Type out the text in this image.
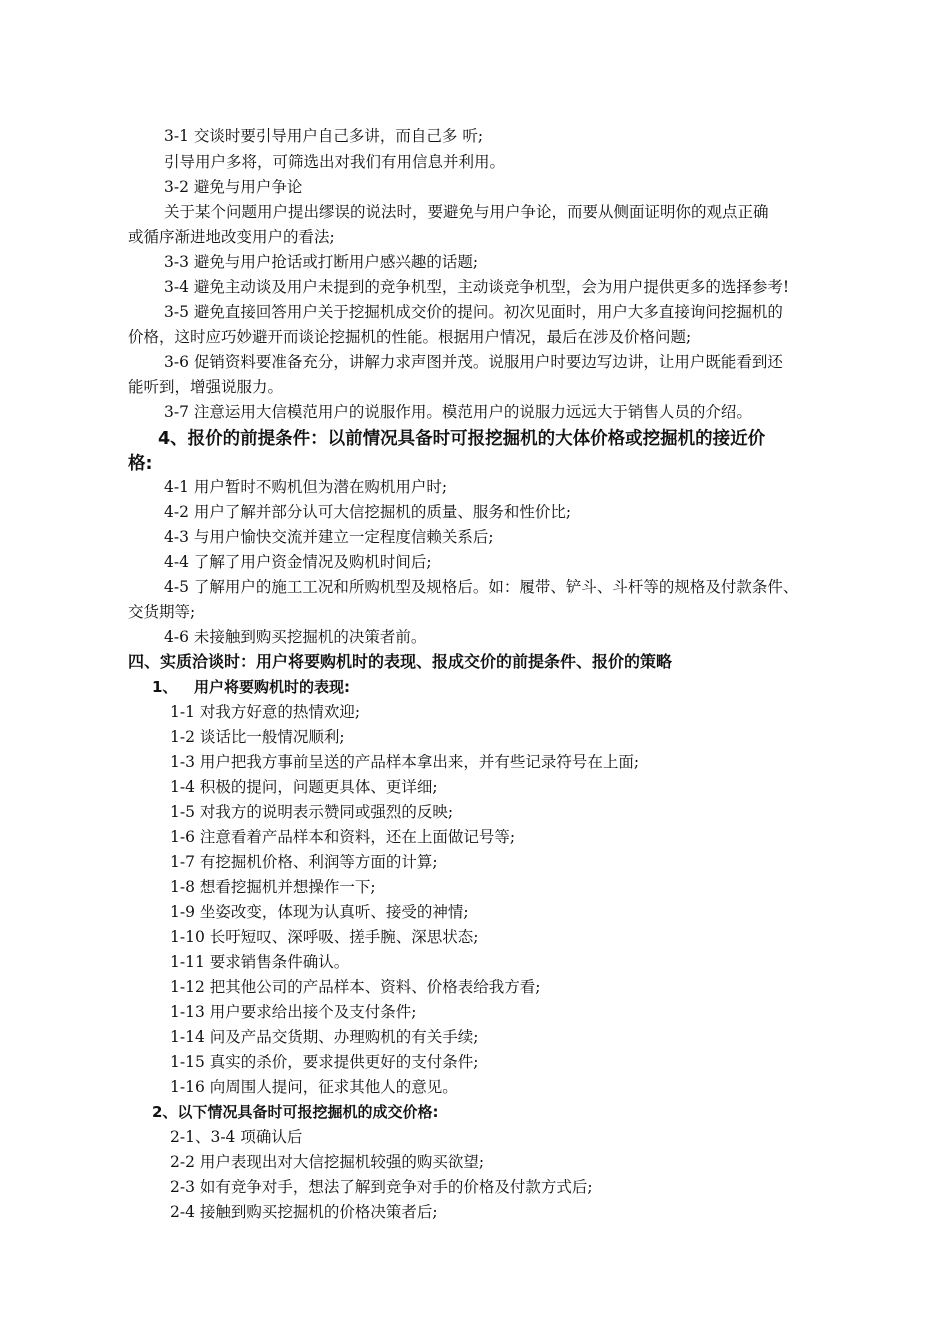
3-1 交谈时要引导用户自己多讲，而自己多 听;
引导用户多将，可筛选出对我们有用信息并利用。
3-2 避免与用户争论
关于某个问题用户提出缪误的说法时，要避免与用户争论，而要从侧面证明你的观点正确
或循序渐进地改变用户的看法;
3-3 避免与用户抢话或打断用户感兴趣的话题;
3-4 避免主动谈及用户未提到的竞争机型，主动谈竞争机型，会为用户提供更多的选择参考!
3-5 避免直接回答用户关于挖掘机成交价的提问。初次见面时，用户大多直接询问挖掘机的
价格，这时应巧妙避开而谈论挖掘机的性能。根据用户情况，最后在涉及价格问题;
3-6 促销资料要准备充分，讲解力求声图并茂。说服用户时要边写边讲，让用户既能看到还
能听到，增强说服力。
3-7 注意运用大信模范用户的说服作用。模范用户的说服力远远大于销售人员的介绍。
4、报价的前提条件：以前情况具备时可报挖掘机的大体价格或挖掘机的接近价
格:
4-1 用户暂时不购机但为潜在购机用户时;
4-2 用户了解并部分认可大信挖掘机的质量、服务和性价比;
4-3 与用户愉快交流并建立一定程度信赖关系后;
4-4 了解了用户资金情况及购机时间后;
4-5 了解用户的施工工况和所购机型及规格后。如：履带、铲斗、斗杆等的规格及付款条件、
交货期等;
4-6 未接触到购买挖掘机的决策者前。
四、实质洽谈时：用户将要购机时的表现、报成交价的前提条件、报价的策略
1、 用户将要购机时的表现:
1-1 对我方好意的热情欢迎;
1-2 谈话比一般情况顺利;
1-3 用户把我方事前呈送的产品样本拿出来，并有些记录符号在上面;
1-4 积极的提问，问题更具体、更详细;
1-5 对我方的说明表示赞同或强烈的反映;
1-6 注意看着产品样本和资料，还在上面做记号等;
1-7 有挖掘机价格、利润等方面的计算;
1-8 想看挖掘机并想操作一下;
1-9 坐姿改变，体现为认真听、接受的神情;
1-10 长吁短叹、深呼吸、搓手腕、深思状态;
1-11 要求销售条件确认。
1-12 把其他公司的产品样本、资料、价格表给我方看;
1-13 用户要求给出接个及支付条件;
1-14 问及产品交货期、办理购机的有关手续;
1-15 真实的杀价，要求提供更好的支付条件;
1-16 向周围人提问，征求其他人的意见。
2、以下情况具备时可报挖掘机的成交价格:
2-1、3-4 项确认后
2-2 用户表现出对大信挖掘机较强的购买欲望;
2-3 如有竞争对手，想法了解到竞争对手的价格及付款方式后;
2-4 接触到购买挖掘机的价格决策者后;
